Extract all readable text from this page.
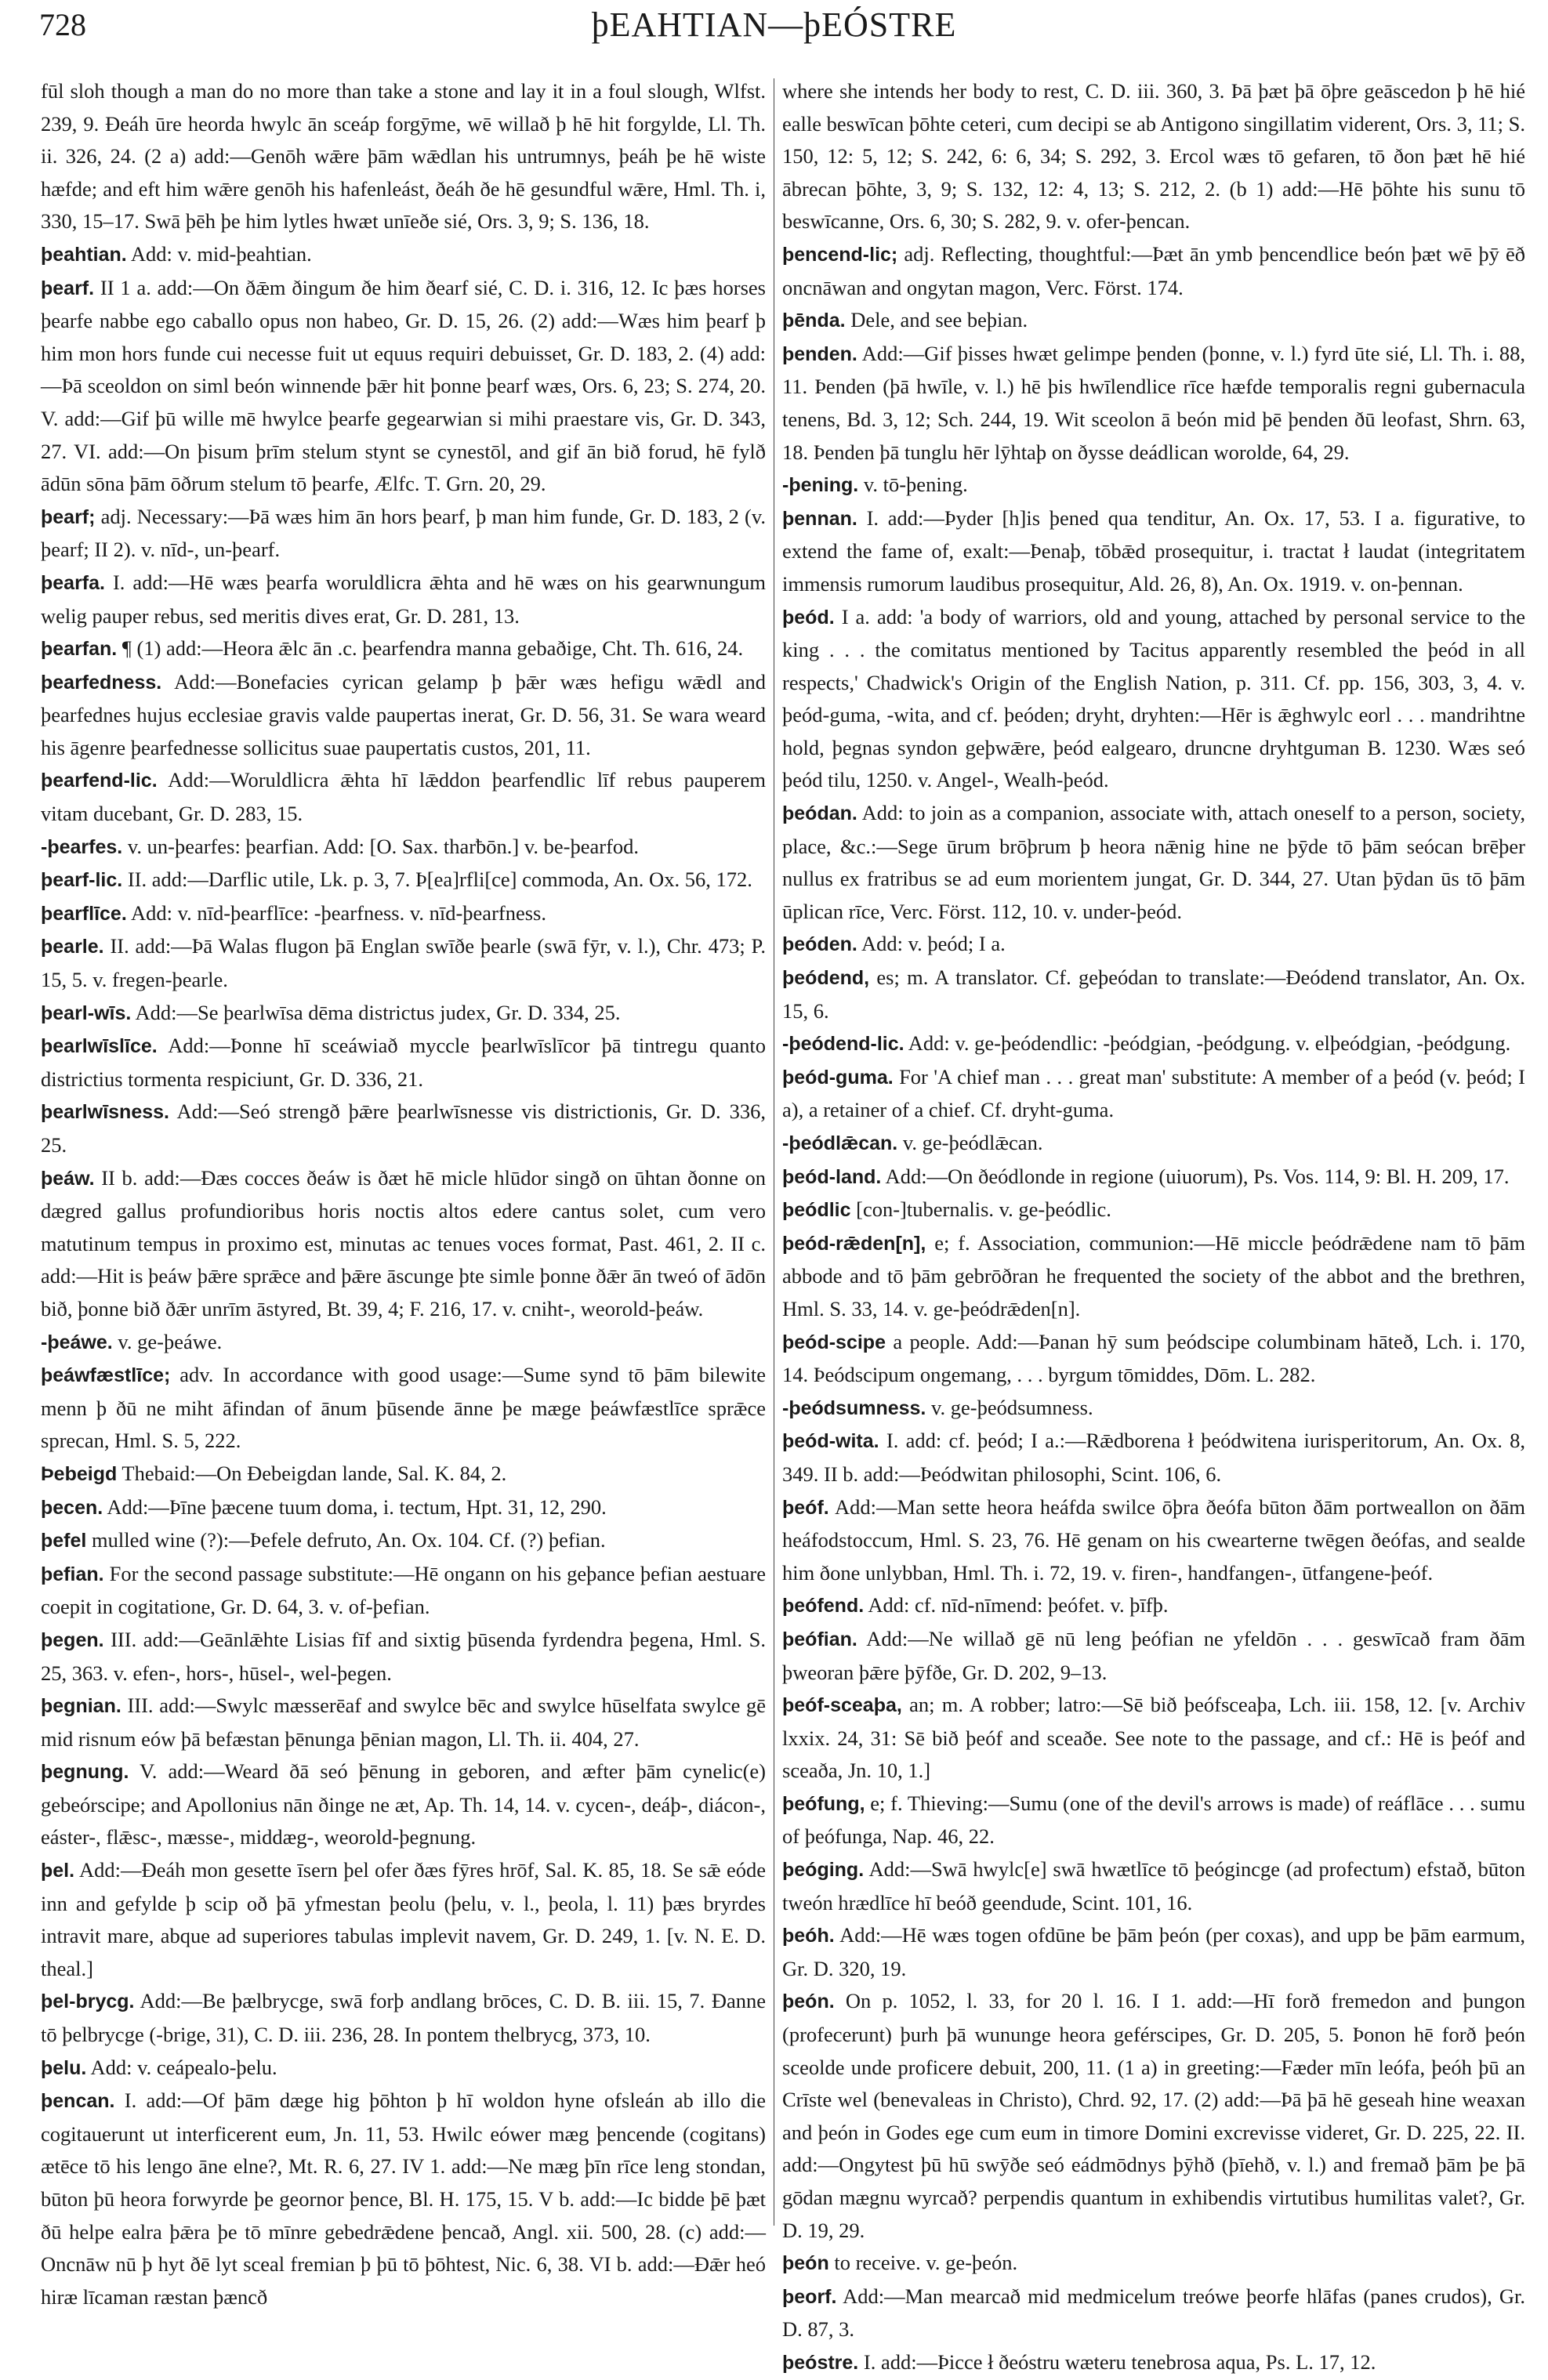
728	þEAHTIAN—þEÓSTRE

fūl sloh though a man do no more than take a stone and lay it in a foul slough, Wlfst. 239, 9. Ðeáh ūre heorda hwylc ān sceáp forgȳme, wē willað þ hē hit forgylde, Ll. Th. ii. 326, 24. (2 a) add:—Genōh wǣre þām wǣdlan his untrumnys, þeáh þe hē wiste hæfde; and eft him wǣre genōh his hafenleást, ðeáh ðe hē gesundful wǣre, Hml. Th. i, 330, 15–17. Swā þēh þe him lytles hwæt unīeðe sié, Ors. 3, 9; S. 136, 18.

þeahtian. Add: v. mid-þeahtian.

þearf. II 1 a. add:—On ðǣm ðingum ðe him ðearf sié, C. D. i. 316, 12. Ic þæs horses þearfe nabbe ego caballo opus non habeo, Gr. D. 15, 26. (2) add:—Wæs him þearf þ him mon hors funde cui necesse fuit ut equus requiri debuisset, Gr. D. 183, 2. (4) add:—Þā sceoldon on siml beón winnende þǣr hit þonne þearf wæs, Ors. 6, 23; S. 274, 20. V. add:—Gif þū wille mē hwylce þearfe gegearwian si mihi praestare vis, Gr. D. 343, 27. VI. add:—On þisum þrīm stelum stynt se cynestōl, and gif ān bið forud, hē fylð ādūn sōna þām ōðrum stelum tō þearfe, Ælfc. T. Grn. 20, 29.

þearf; adj. Necessary:—Þā wæs him ān hors þearf, þ man him funde, Gr. D. 183, 2 (v. þearf; II 2). v. nīd-, un-þearf.

þearfa. I. add:—Hē wæs þearfa woruldlicra ǣhta and hē wæs on his gearwnungum welig pauper rebus, sed meritis dives erat, Gr. D. 281, 13.

þearfan. ¶ (1) add:—Heora ǣlc ān .c. þearfendra manna gebaðige, Cht. Th. 616, 24.

þearfedness. Add:—Bonefacies cyrican gelamp þ þǣr wæs hefigu wǣdl and þearfednes hujus ecclesiae gravis valde paupertas inerat, Gr. D. 56, 31. Se wara weard his āgenre þearfednesse sollicitus suae paupertatis custos, 201, 11.

þearfend-lic. Add:—Woruldlicra ǣhta hī lǣddon þearfendlic līf rebus pauperem vitam ducebant, Gr. D. 283, 15.

-þearfes. v. un-þearfes: þearfian. Add: [O. Sax. tharƀōn.] v. be-þearfod.

þearf-lic. II. add:—Darflic utile, Lk. p. 3, 7. Þ[ea]rfli[ce] commoda, An. Ox. 56, 172.

þearflīce. Add: v. nīd-þearflīce: -þearfness. v. nīd-þearfness.

þearle. II. add:—Þā Walas flugon þā Englan swīðe þearle (swā fȳr, v. l.), Chr. 473; P. 15, 5. v. fregen-þearle.

þearl-wīs. Add:—Se þearlwīsa dēma districtus judex, Gr. D. 334, 25.

þearlwīslīce. Add:—Þonne hī sceáwiað myccle þearlwīslīcor þā tintregu quanto districtius tormenta respiciunt, Gr. D. 336, 21.

þearlwīsness. Add:—Seó strengð þǣre þearlwīsnesse vis districtionis, Gr. D. 336, 25.

þeáw. II b. add:—Ðæs cocces ðeáw is ðæt hē micle hlūdor singð on ūhtan ðonne on dægred gallus profundioribus horis noctis altos edere cantus solet, cum vero matutinum tempus in proximo est, minutas ac tenues voces format, Past. 461, 2. II c. add:—Hit is þeáw þǣre sprǣce and þǣre āscunge þte simle þonne ðǣr ān tweó of ādōn bið, þonne bið ðǣr unrīm āstyred, Bt. 39, 4; F. 216, 17. v. cniht-, weorold-þeáw.

-þeáwe. v. ge-þeáwe.

þeáwfæstlīce; adv. In accordance with good usage:—Sume synd tō þām bilewite menn þ ðū ne miht āfindan of ānum þūsende ānne þe mæge þeáwfæstlīce sprǣce sprecan, Hml. S. 5, 222.

Þebeigd Thebaid:—On Ðebeigdan lande, Sal. K. 84, 2.

þecen. Add:—Þīne þæcene tuum doma, i. tectum, Hpt. 31, 12, 290.

þefel mulled wine (?):—Þefele defruto, An. Ox. 104. Cf. (?) þefian.

þefian. For the second passage substitute:—Hē ongann on his geþance þefian aestuare coepit in cogitatione, Gr. D. 64, 3. v. of-þefian.

þegen. III. add:—Geānlǣhte Lisias fīf and sixtig þūsenda fyrdendra þegena, Hml. S. 25, 363. v. efen-, hors-, hūsel-, wel-þegen.

þegnian. III. add:—Swylc mæsserēaf and swylce bēc and swylce hūselfata swylce gē mid risnum eów þā befæstan þēnunga þēnian magon, Ll. Th. ii. 404, 27.

þegnung. V. add:—Weard ðā seó þēnung in geboren, and æfter þām cynelic(e) gebeórscipe; and Apollonius nān ðinge ne æt, Ap. Th. 14, 14. v. cycen-, deáþ-, diácon-, eáster-, flǣsc-, mæsse-, middæg-, weorold-þegnung.

þel. Add:—Ðeáh mon gesette īsern þel ofer ðæs fȳres hrōf, Sal. K. 85, 18. Se sǣ eóde inn and gefylde þ scip oð þā yfmestan þeolu (þelu, v. l., þeola, l. 11) þæs bryrdes intravit mare, abque ad superiores tabulas implevit navem, Gr. D. 249, 1. [v. N. E. D. theal.]

þel-brycg. Add:—Be þælbrycge, swā forþ andlang brōces, C. D. B. iii. 15, 7. Ðanne tō þelbrycge (-brige, 31), C. D. iii. 236, 28. In pontem thelbrycg, 373, 10.

þelu. Add: v. ceápealo-þelu.

þencan. I. add:—Of þām dæge hig þōhton þ hī woldon hyne ofsleán ab illo die cogitauerunt ut interficerent eum, Jn. 11, 53. Hwilc eówer mæg þencende (cogitans) ætēce tō his lengo āne elne?, Mt. R. 6, 27. IV 1. add:—Ne mæg þīn rīce leng stondan, būton þū heora forwyrde þe geornor þence, Bl. H. 175, 15. V b. add:—Ic bidde þē þæt ðū helpe ealra þǣra þe tō mīnre gebedrǣdene þencað, Angl. xii. 500, 28. (c) add:—Oncnāw nū þ hyt ðē lyt sceal fremian þ þū tō þōhtest, Nic. 6, 38. VI b. add:—Ðǣr heó hiræ līcaman ræstan þæncð

where she intends her body to rest, C. D. iii. 360, 3. Þā þæt þā ōþre geāscedon þ hē hié ealle beswīcan þōhte ceteri, cum decipi se ab Antigono singillatim viderent, Ors. 3, 11; S. 150, 12: 5, 12; S. 242, 6: 6, 34; S. 292, 3. Ercol wæs tō gefaren, tō ðon þæt hē hié ābrecan þōhte, 3, 9; S. 132, 12: 4, 13; S. 212, 2. (b 1) add:—Hē þōhte his sunu tō beswīcanne, Ors. 6, 30; S. 282, 9. v. ofer-þencan.

þencend-lic; adj. Reflecting, thoughtful:—Þæt ān ymb þencendlice beón þæt wē þȳ ēð oncnāwan and ongytan magon, Verc. Först. 174.

þēnda. Dele, and see beþian.

þenden. Add:—Gif þisses hwæt gelimpe þenden (þonne, v. l.) fyrd ūte sié, Ll. Th. i. 88, 11. Þenden (þā hwīle, v. l.) hē þis hwīlendlice rīce hæfde temporalis regni gubernacula tenens, Bd. 3, 12; Sch. 244, 19. Wit sceolon ā beón mid þē þenden ðū leofast, Shrn. 63, 18. Þenden þā tunglu hēr lȳhtaþ on ðysse deádlican worolde, 64, 29.

-þening. v. tō-þening.

þennan. I. add:—Þyder [h]is þened qua tenditur, An. Ox. 17, 53. I a. figurative, to extend the fame of, exalt:—Þenaþ, tōbǣd prosequitur, i. tractat ł laudat (integritatem immensis rumorum laudibus prosequitur, Ald. 26, 8), An. Ox. 1919. v. on-þennan.

þeód. I a. add: 'a body of warriors, old and young, attached by personal service to the king . . . the comitatus mentioned by Tacitus apparently resembled the þeód in all respects,' Chadwick's Origin of the English Nation, p. 311. Cf. pp. 156, 303, 3, 4. v. þeód-guma, -wita, and cf. þeóden; dryht, dryhten:—Hēr is ǣghwylc eorl . . . mandrihtne hold, þegnas syndon geþwǣre, þeód ealgearo, druncne dryhtguman B. 1230. Wæs seó þeód tilu, 1250. v. Angel-, Wealh-þeód.

þeódan. Add: to join as a companion, associate with, attach oneself to a person, society, place, &c.:—Sege ūrum brōþrum þ heora nǣnig hine ne þȳde tō þām seócan brēþer nullus ex fratribus se ad eum morientem jungat, Gr. D. 344, 27. Utan þȳdan ūs tō þām ūplican rīce, Verc. Först. 112, 10. v. under-þeód.

þeóden. Add: v. þeód; I a.

þeódend, es; m. A translator. Cf. geþeódan to translate:—Ðeódend translator, An. Ox. 15, 6.

-þeódend-lic. Add: v. ge-þeódendlic: -þeódgian, -þeódgung. v. elþeódgian, -þeódgung.

þeód-guma. For 'A chief man . . . great man' substitute: A member of a þeód (v. þeód; I a), a retainer of a chief. Cf. dryht-guma.

-þeódlǣcan. v. ge-þeódlǣcan.

þeód-land. Add:—On ðeódlonde in regione (uiuorum), Ps. Vos. 114, 9: Bl. H. 209, 17.

þeódlic [con-]tubernalis. v. ge-þeódlic.

þeód-rǣden[n], e; f. Association, communion:—Hē miccle þeódrǣdene nam tō þām abbode and tō þām gebrōðran he frequented the society of the abbot and the brethren, Hml. S. 33, 14. v. ge-þeódrǣden[n].

þeód-scipe a people. Add:—Þanan hȳ sum þeódscipe columbinam hāteð, Lch. i. 170, 14. Þeódscipum ongemang, . . . byrgum tōmiddes, Dōm. L. 282.

-þeódsumness. v. ge-þeódsumness.

þeód-wita. I. add: cf. þeód; I a.:—Rǣdborena ł þeódwitena iurisperitorum, An. Ox. 8, 349. II b. add:—Þeódwitan philosophi, Scint. 106, 6.

þeóf. Add:—Man sette heora heáfda swilce ōþra ðeófa būton ðām portweallon on ðām heáfodstoccum, Hml. S. 23, 76. Hē genam on his cwearterne twēgen ðeófas, and sealde him ðone unlybban, Hml. Th. i. 72, 19. v. firen-, handfangen-, ūtfangene-þeóf.

þeófend. Add: cf. nīd-nīmend: þeófet. v. þīfþ.

þeófian. Add:—Ne willað gē nū leng þeófian ne yfeldōn . . . geswīcað fram ðām þweoran þǣre þȳfðe, Gr. D. 202, 9–13.

þeóf-sceaþa, an; m. A robber; latro:—Sē bið þeófsceaþa, Lch. iii. 158, 12. [v. Archiv lxxix. 24, 31: Sē bið þeóf and sceaðe. See note to the passage, and cf.: Hē is þeóf and sceaða, Jn. 10, 1.]

þeófung, e; f. Thieving:—Sumu (one of the devil's arrows is made) of reáflāce . . . sumu of þeófunga, Nap. 46, 22.

þeóging. Add:—Swā hwylc[e] swā hwætlīce tō þeógincge (ad profectum) efstað, būton tweón hrædlīce hī beóð geendude, Scint. 101, 16.

þeóh. Add:—Hē wæs togen ofdūne be þām þeón (per coxas), and upp be þām earmum, Gr. D. 320, 19.

þeón. On p. 1052, l. 33, for 20 l. 16. I 1. add:—Hī forð fremedon and þungon (profecerunt) þurh þā wununge heora geférscipes, Gr. D. 205, 5. Þonon hē forð þeón sceolde unde proficere debuit, 200, 11. (1 a) in greeting:—Fæder mīn leófa, þeóh þū an Crīste wel (benevaleas in Christo), Chrd. 92, 17. (2) add:—Þā þā hē geseah hine weaxan and þeón in Godes ege cum eum in timore Domini excrevisse videret, Gr. D. 225, 22. II. add:—Ongytest þū hū swȳðe seó eádmōdnys þȳhð (þīehð, v. l.) and fremað þām þe þā gōdan mægnu wyrcað? perpendis quantum in exhibendis virtutibus humilitas valet?, Gr. D. 19, 29.

þeón to receive. v. ge-þeón.

þeorf. Add:—Man mearcað mid medmicelum treówe þeorfe hlāfas (panes crudos), Gr. D. 87, 3.

þeóstre. I. add:—Þicce ł ðeóstru wæteru tenebrosa aqua, Ps. L. 17, 12.
